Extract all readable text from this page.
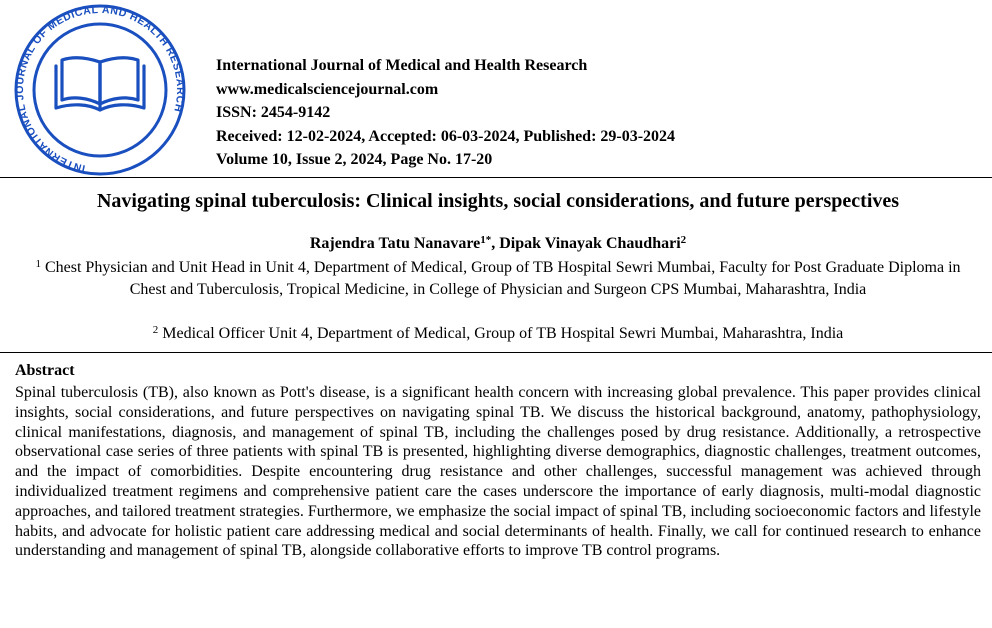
INTERNATIONAL JOURNAL OF MEDICAL AND HEALTH RESEARCH
International Journal of Medical and Health Research
www.medicalsciencejournal.com
ISSN: 2454-9142
Received: 12-02-2024, Accepted: 06-03-2024, Published: 29-03-2024
Volume 10, Issue 2, 2024, Page No. 17-20
Navigating spinal tuberculosis: Clinical insights, social considerations, and future perspectives
Rajendra Tatu Nanavare$^{1*}$, Dipak Vinayak Chaudhari$^2$
$^1$ Chest Physician and Unit Head in Unit 4, Department of Medical, Group of TB Hospital Sewri Mumbai, Faculty for Post Graduate Diploma in Chest and Tuberculosis, Tropical Medicine, in College of Physician and Surgeon CPS Mumbai, Maharashtra, India
$^2$ Medical Officer Unit 4, Department of Medical, Group of TB Hospital Sewri Mumbai, Maharashtra, India
Abstract
Spinal tuberculosis (TB), also known as Pott's disease, is a significant health concern with increasing global prevalence. This paper provides clinical insights, social considerations, and future perspectives on navigating spinal TB. We discuss the historical background, anatomy, pathophysiology, clinical manifestations, diagnosis, and management of spinal TB, including the challenges posed by drug resistance. Additionally, a retrospective observational case series of three patients with spinal TB is presented, highlighting diverse demographics, diagnostic challenges, treatment outcomes, and the impact of comorbidities. Despite encountering drug resistance and other challenges, successful management was achieved through individualized treatment regimens and comprehensive patient care the cases underscore the importance of early diagnosis, multi-modal diagnostic approaches, and tailored treatment strategies. Furthermore, we emphasize the social impact of spinal TB, including socioeconomic factors and lifestyle habits, and advocate for holistic patient care addressing medical and social determinants of health. Finally, we call for continued research to enhance understanding and management of spinal TB, alongside collaborative efforts to improve TB control programs.
